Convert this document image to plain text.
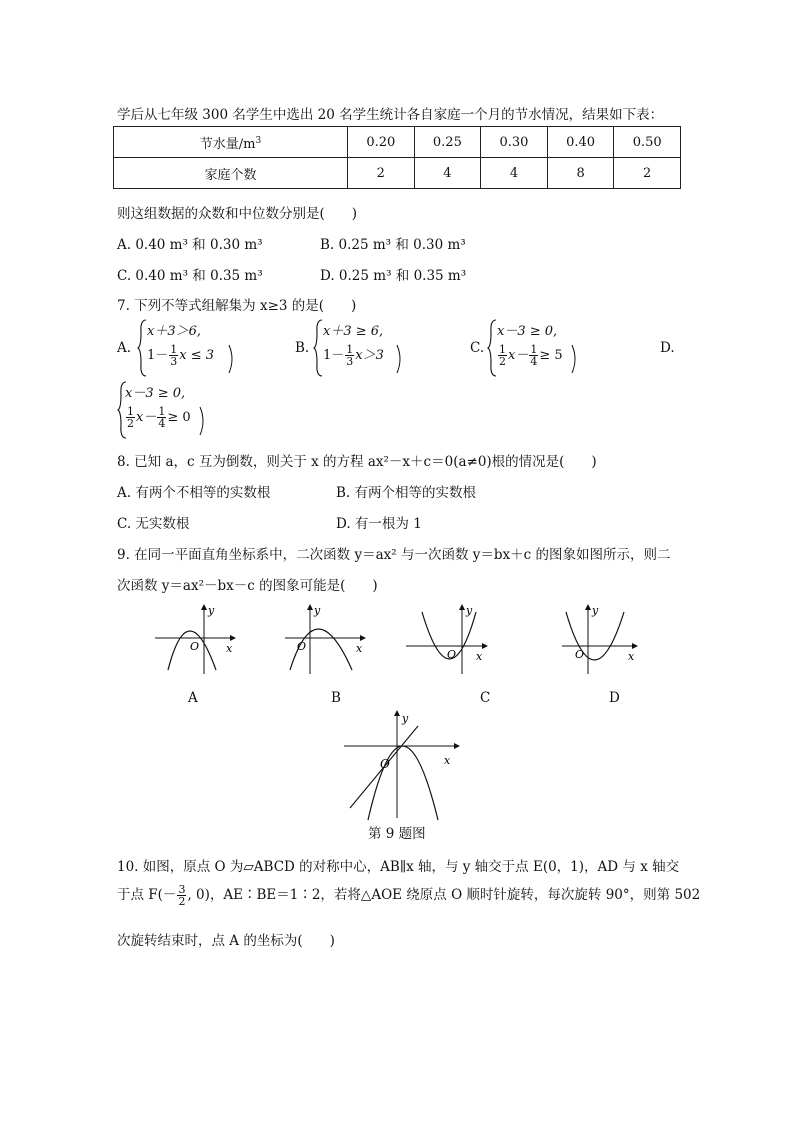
学后从七年级 300 名学生中选出 20 名学生统计各自家庭一个月的节水情况，结果如下表：
节水量$/m^3$	0.20	0.25	0.30	0.40	0.50
家庭个数	2	4	4	8	2
则这组数据的众数和中位数分别是(　　)
A. 0.40 m³ 和 0.30 m³	B. 0.25 m³ 和 0.30 m³
C. 0.40 m³ 和 0.35 m³	D. 0.25 m³ 和 0.35 m³
7. 下列不等式组解集为 x≥3 的是(　　)
A.
x＋3＞6,
$1- \frac{1}{3}$ x ≤ 3	B.
x＋3 ≥ 6,
$1- \frac{1}{3} x>3$	C.
x－3 ≥ 0,
$\frac{1}{2} x- \frac{1}{4} \ge 5$	D.
x－3 ≥ 0,
$\frac{1}{2} x- \frac{1}{4} \ge 0$
8. 已知 a，c 互为倒数，则关于 x 的方程 ax²－x＋c＝0(a≠0)根的情况是(　　)
A. 有两个不相等的实数根	B. 有两个相等的实数根
C. 无实数根	D. 有一根为 1
9. 在同一平面直角坐标系中，二次函数 y＝ax² 与一次函数 y＝bx＋c 的图象如图所示，则二
次函数 y＝ax²－bx－c 的图象可能是(　　)
y
x
O
A
y
x
O
B
y
x
O
C
y
x
O
D
y
x
O
第 9 题图
10. 如图，原点 O 为▱ABCD 的对称中心，AB∥x 轴，与 y 轴交于点 E(0，1)，AD 与 x 轴交
于点 $F(- \frac{3}{2}$ , 0)，AE∶BE＝1∶2，若将△AOE 绕原点 O 顺时针旋转，每次旋转 90°，则第 502
次旋转结束时，点 A 的坐标为(　　)
